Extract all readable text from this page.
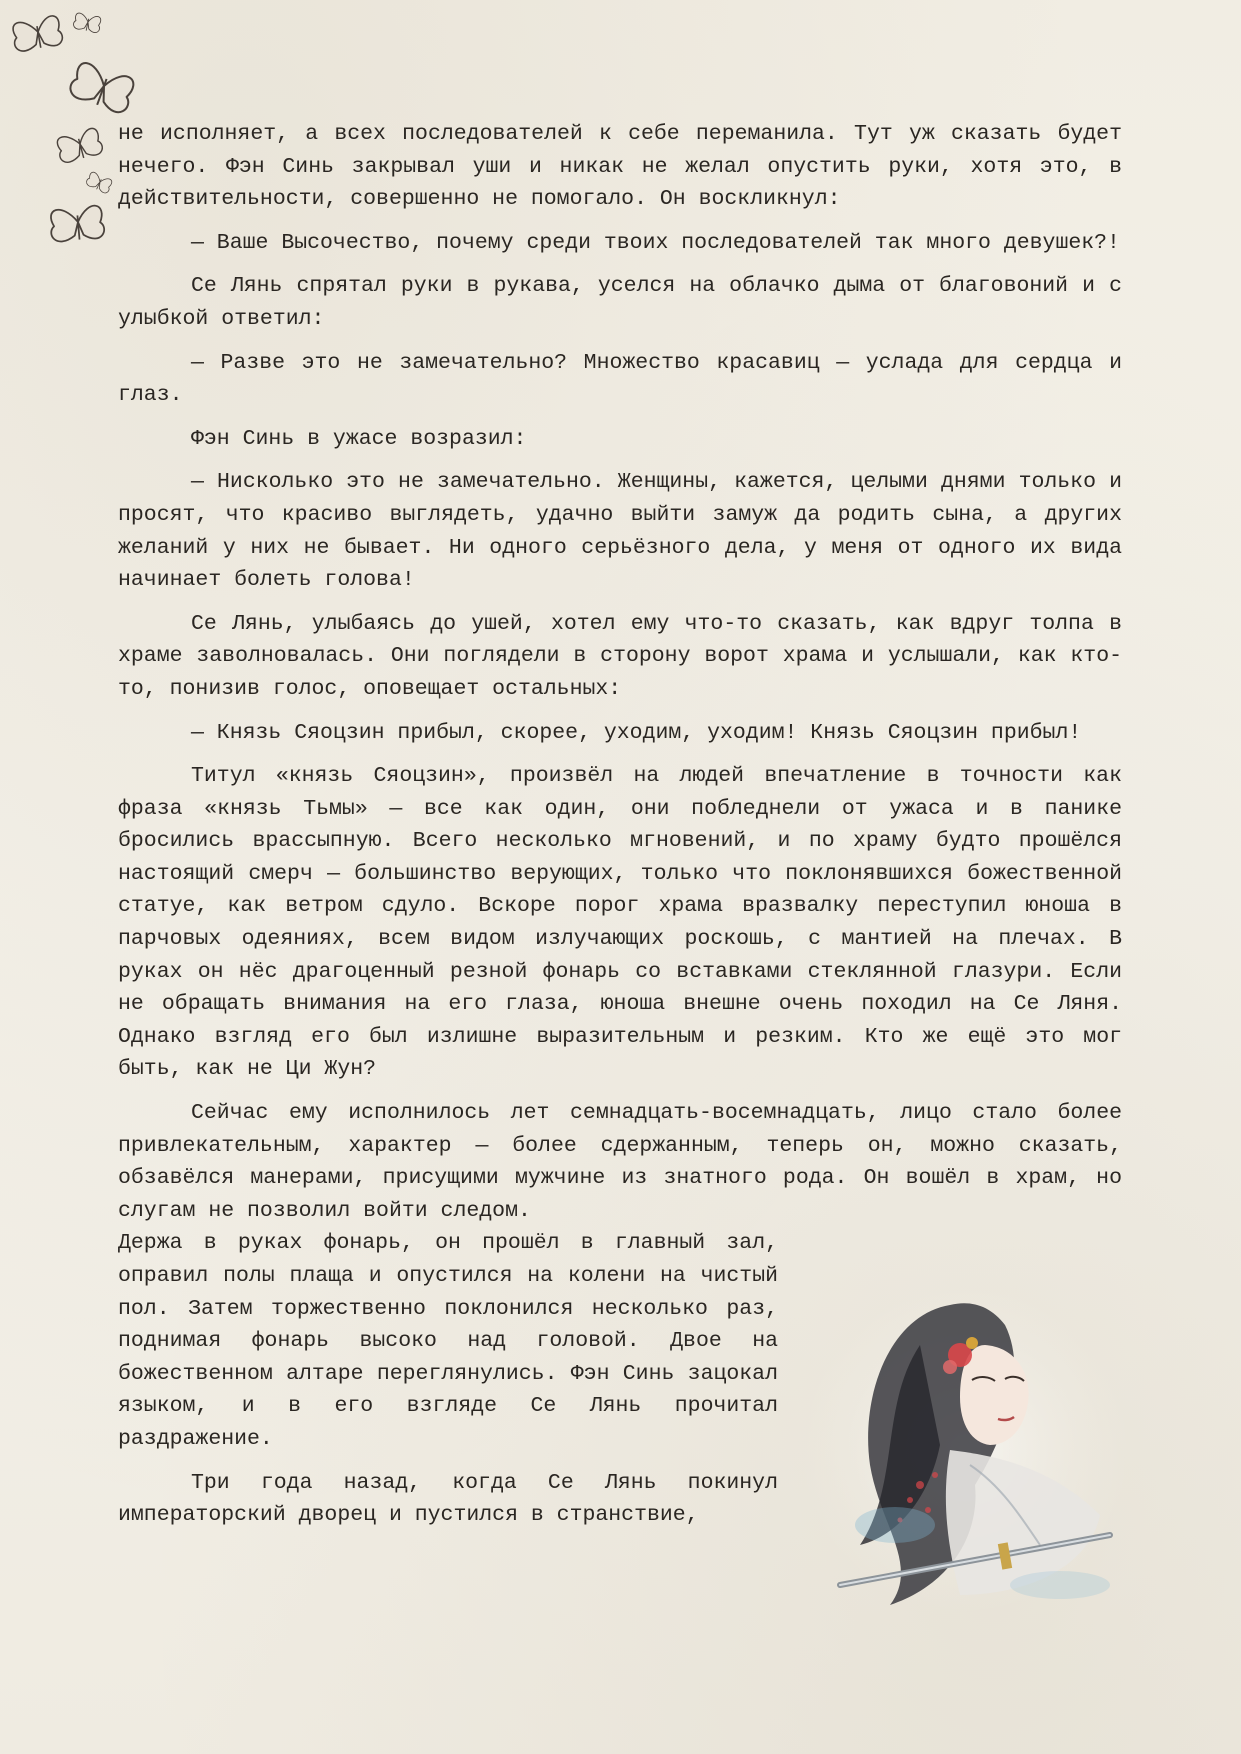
не исполняет, а всех последователей к себе переманила. Тут уж сказать будет нечего. Фэн Синь закрывал уши и никак не желал опустить руки, хотя это, в действительности, совершенно не помогало. Он воскликнул:

— Ваше Высочество, почему среди твоих последователей так много девушек?!

Се Лянь спрятал руки в рукава, уселся на облачко дыма от благовоний и с улыбкой ответил:

— Разве это не замечательно? Множество красавиц — услада для сердца и глаз.

Фэн Синь в ужасе возразил:

— Нисколько это не замечательно. Женщины, кажется, целыми днями только и просят, что красиво выглядеть, удачно выйти замуж да родить сына, а других желаний у них не бывает. Ни одного серьёзного дела, у меня от одного их вида начинает болеть голова!

Се Лянь, улыбаясь до ушей, хотел ему что-то сказать, как вдруг толпа в храме заволновалась. Они поглядели в сторону ворот храма и услышали, как кто-то, понизив голос, оповещает остальных:

— Князь Сяоцзин прибыл, скорее, уходим, уходим! Князь Сяоцзин прибыл!

Титул «князь Сяоцзин», произвёл на людей впечатление в точности как фраза «князь Тьмы» — все как один, они побледнели от ужаса и в панике бросились врассыпную. Всего несколько мгновений, и по храму будто прошёлся настоящий смерч — большинство верующих, только что поклонявшихся божественной статуе, как ветром сдуло. Вскоре порог храма вразвалку переступил юноша в парчовых одеяниях, всем видом излучающих роскошь, с мантией на плечах. В руках он нёс драгоценный резной фонарь со вставками стеклянной глазури. Если не обращать внимания на его глаза, юноша внешне очень походил на Се Ляня. Однако взгляд его был излишне выразительным и резким. Кто же ещё это мог быть, как не Ци Жун?

Сейчас ему исполнилось лет семнадцать-восемнадцать, лицо стало более привлекательным, характер — более сдержанным, теперь он, можно сказать, обзавёлся манерами, присущими мужчине из знатного рода. Он вошёл в храм, но слугам не позволил войти следом.

Держа в руках фонарь, он прошёл в главный зал, оправил полы плаща и опустился на колени на чистый пол. Затем торжественно поклонился несколько раз, поднимая фонарь высоко над головой. Двое на божественном алтаре переглянулись. Фэн Синь зацокал языком, и в его взгляде Се Лянь прочитал раздражение.

Три года назад, когда Се Лянь покинул императорский дворец и пустился в странствие,
